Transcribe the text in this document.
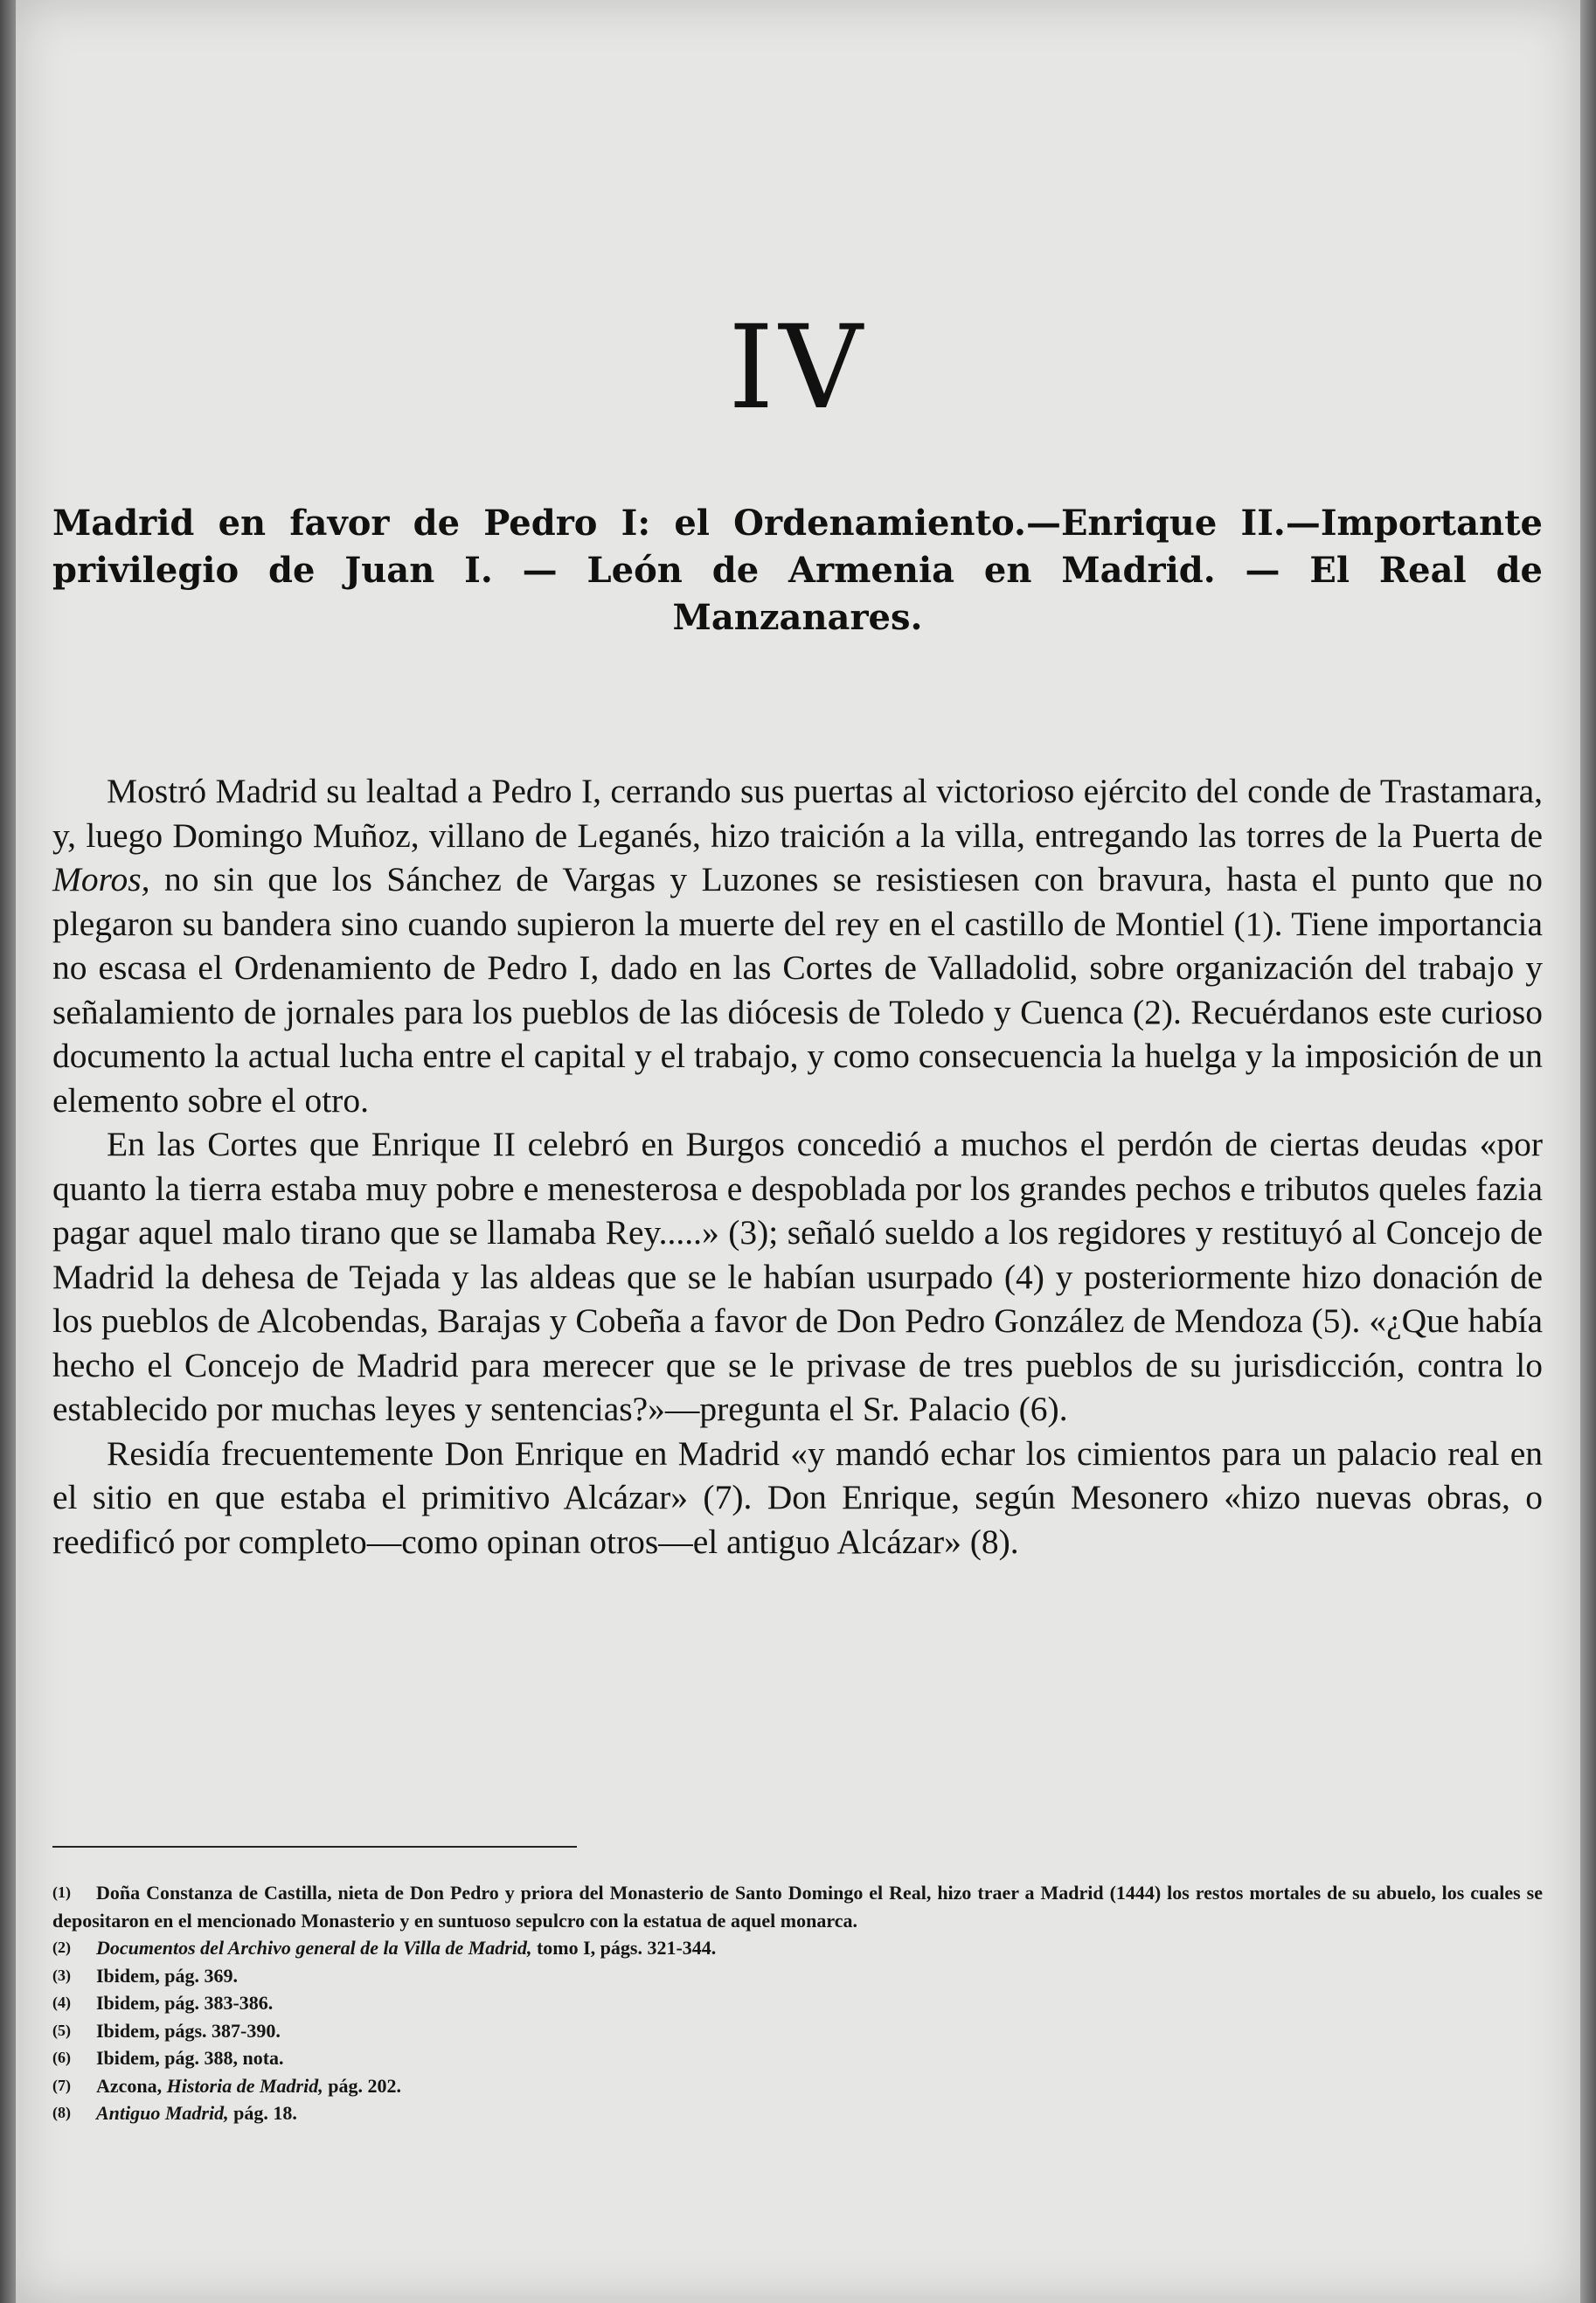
IV
Madrid en favor de Pedro I: el Ordenamiento.—Enrique II.—Importante privilegio de Juan I. — León de Armenia en Madrid. — El Real de Manzanares.

Mostró Madrid su lealtad a Pedro I, cerrando sus puertas al victorioso ejército del conde de Trastamara, y, luego Domingo Muñoz, villano de Leganés, hizo traición a la villa, entregando las torres de la Puerta de Moros, no sin que los Sánchez de Vargas y Luzones se resistiesen con bravura, hasta el punto que no plegaron su bandera sino cuando supieron la muerte del rey en el castillo de Montiel (1). Tiene importancia no escasa el Ordenamiento de Pedro I, dado en las Cortes de Valladolid, sobre organización del trabajo y señalamiento de jornales para los pueblos de las diócesis de Toledo y Cuenca (2). Recuérdanos este curioso documento la actual lucha entre el capital y el trabajo, y como consecuencia la huelga y la imposición de un elemento sobre el otro.

En las Cortes que Enrique II celebró en Burgos concedió a muchos el perdón de ciertas deudas «por quanto la tierra estaba muy pobre e menesterosa e despoblada por los grandes pechos e tributos queles fazia pagar aquel malo tirano que se llamaba Rey.....» (3); señaló sueldo a los regidores y restituyó al Concejo de Madrid la dehesa de Tejada y las aldeas que se le habían usurpado (4) y posteriormente hizo donación de los pueblos de Alcobendas, Barajas y Cobeña a favor de Don Pedro González de Mendoza (5). «¿Que había hecho el Concejo de Madrid para merecer que se le privase de tres pueblos de su jurisdicción, contra lo establecido por muchas leyes y sentencias?»—pregunta el Sr. Palacio (6).

Residía frecuentemente Don Enrique en Madrid «y mandó echar los cimientos para un palacio real en el sitio en que estaba el primitivo Alcázar» (7). Don Enrique, según Mesonero «hizo nuevas obras, o reedificó por completo—como opinan otros—el antiguo Alcázar» (8).

(1) Doña Constanza de Castilla, nieta de Don Pedro y priora del Monasterio de Santo Domingo el Real, hizo traer a Madrid (1444) los restos mortales de su abuelo, los cuales se depositaron en el mencionado Monasterio y en suntuoso sepulcro con la estatua de aquel monarca.

(2) Documentos del Archivo general de la Villa de Madrid, tomo I, págs. 321-344.

(3) Ibidem, pág. 369.

(4) Ibidem, pág. 383-386.

(5) Ibidem, págs. 387-390.

(6) Ibidem, pág. 388, nota.

(7) Azcona, Historia de Madrid, pág. 202.

(8) Antiguo Madrid, pág. 18.
